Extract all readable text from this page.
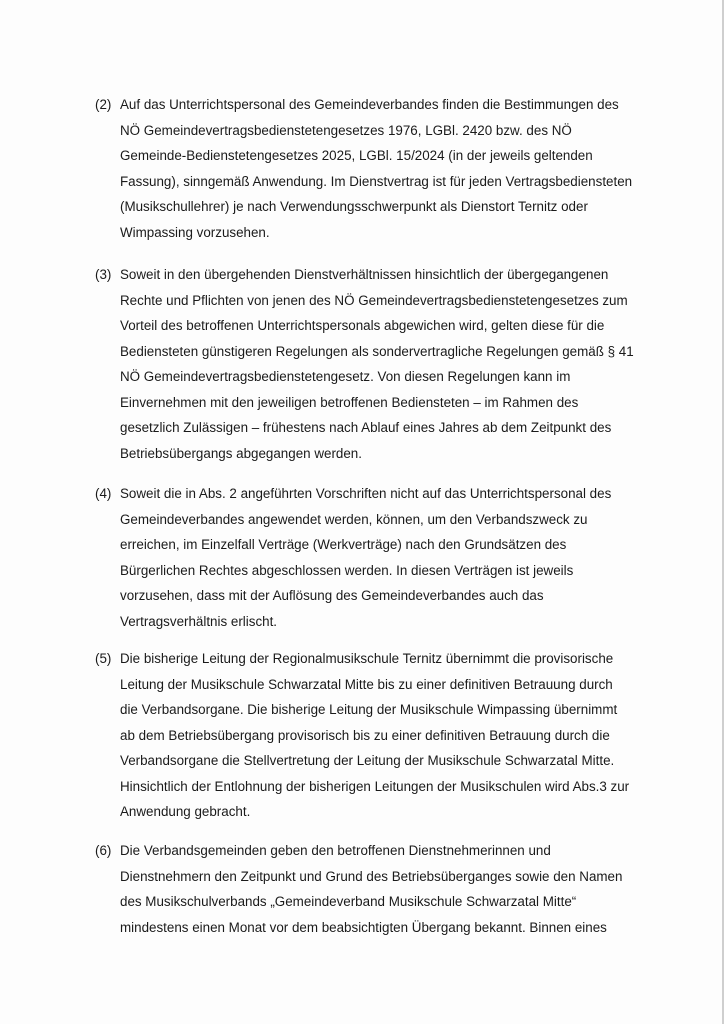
(2) Auf das Unterrichtspersonal des Gemeindeverbandes finden die Bestimmungen des
NÖ Gemeindevertragsbedienstetengesetzes 1976, LGBl. 2420 bzw. des NÖ
Gemeinde-Bedienstetengesetzes 2025, LGBl. 15/2024 (in der jeweils geltenden
Fassung), sinngemäß Anwendung. Im Dienstvertrag ist für jeden Vertragsbediensteten
(Musikschullehrer) je nach Verwendungsschwerpunkt als Dienstort Ternitz oder
Wimpassing vorzusehen.
(3) Soweit in den übergehenden Dienstverhältnissen hinsichtlich der übergegangenen
Rechte und Pflichten von jenen des NÖ Gemeindevertragsbedienstetengesetzes zum
Vorteil des betroffenen Unterrichtspersonals abgewichen wird, gelten diese für die
Bediensteten günstigeren Regelungen als sondervertragliche Regelungen gemäß § 41
NÖ Gemeindevertragsbedienstetengesetz. Von diesen Regelungen kann im
Einvernehmen mit den jeweiligen betroffenen Bediensteten – im Rahmen des
gesetzlich Zulässigen – frühestens nach Ablauf eines Jahres ab dem Zeitpunkt des
Betriebsübergangs abgegangen werden.
(4) Soweit die in Abs. 2 angeführten Vorschriften nicht auf das Unterrichtspersonal des
Gemeindeverbandes angewendet werden, können, um den Verbandszweck zu
erreichen, im Einzelfall Verträge (Werkverträge) nach den Grundsätzen des
Bürgerlichen Rechtes abgeschlossen werden. In diesen Verträgen ist jeweils
vorzusehen, dass mit der Auflösung des Gemeindeverbandes auch das
Vertragsverhältnis erlischt.
(5) Die bisherige Leitung der Regionalmusikschule Ternitz übernimmt die provisorische
Leitung der Musikschule Schwarzatal Mitte bis zu einer definitiven Betrauung durch
die Verbandsorgane. Die bisherige Leitung der Musikschule Wimpassing übernimmt
ab dem Betriebsübergang provisorisch bis zu einer definitiven Betrauung durch die
Verbandsorgane die Stellvertretung der Leitung der Musikschule Schwarzatal Mitte.
Hinsichtlich der Entlohnung der bisherigen Leitungen der Musikschulen wird Abs.3 zur
Anwendung gebracht.
(6) Die Verbandsgemeinden geben den betroffenen Dienstnehmerinnen und
Dienstnehmern den Zeitpunkt und Grund des Betriebsüberganges sowie den Namen
des Musikschulverbands „Gemeindeverband Musikschule Schwarzatal Mitte“
mindestens einen Monat vor dem beabsichtigten Übergang bekannt. Binnen eines
